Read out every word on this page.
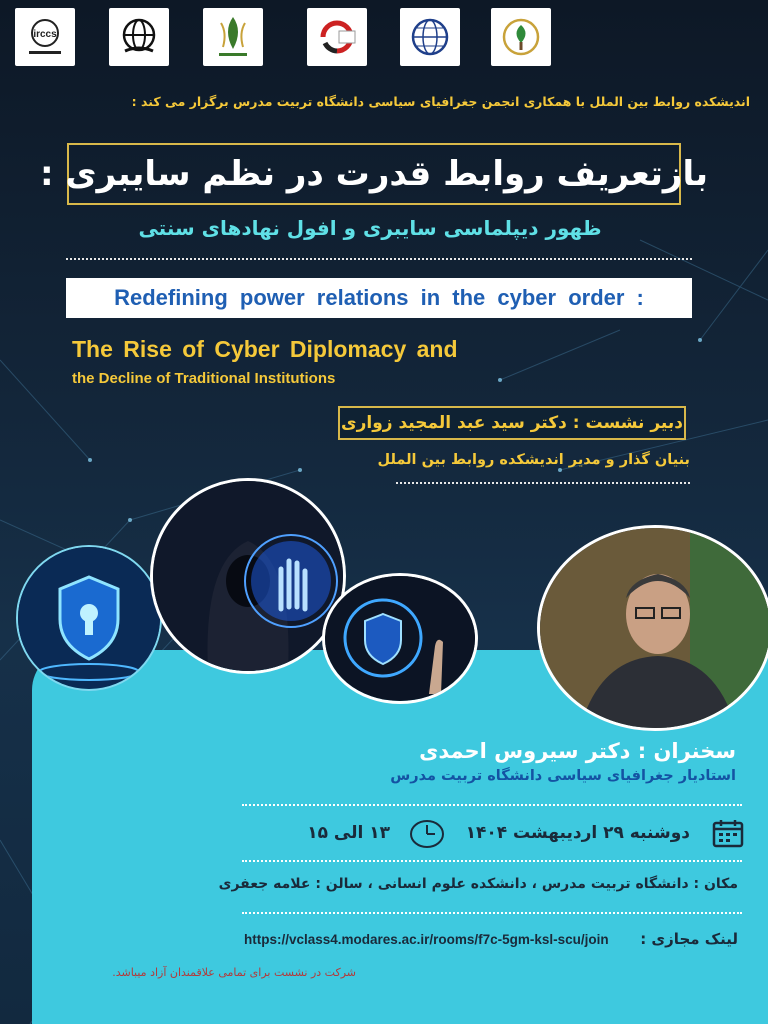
irccs
اندیشکده روابط بین الملل با همکاری انجمن جغرافیای سیاسی دانشگاه تربیت مدرس برگزار می کند :
بازتعریف روابط قدرت در نظم سایبری :
ظهور دیپلماسی سایبری و افول نهادهای سنتی
Redefining power relations in the cyber order :
The Rise of Cyber Diplomacy and
the Decline of Traditional Institutions
دبیر نشست : دکتر سید عبد المجید زواری
بنیان گذار و مدیر اندیشکده روابط بین الملل
سخنران : دکتر سیروس احمدی
استادیار جغرافیای سیاسی دانشگاه تربیت مدرس
دوشنبه ۲۹ اردیبهشت ۱۴۰۴
۱۳ الی ۱۵
مکان : دانشگاه تربیت مدرس ، دانشکده علوم انسانی ، سالن : علامه جعفری
لینک مجازی :
https://vclass4.modares.ac.ir/rooms/f7c-5gm-ksl-scu/join
شرکت در نشست برای تمامی علاقمندان آزاد میباشد.
